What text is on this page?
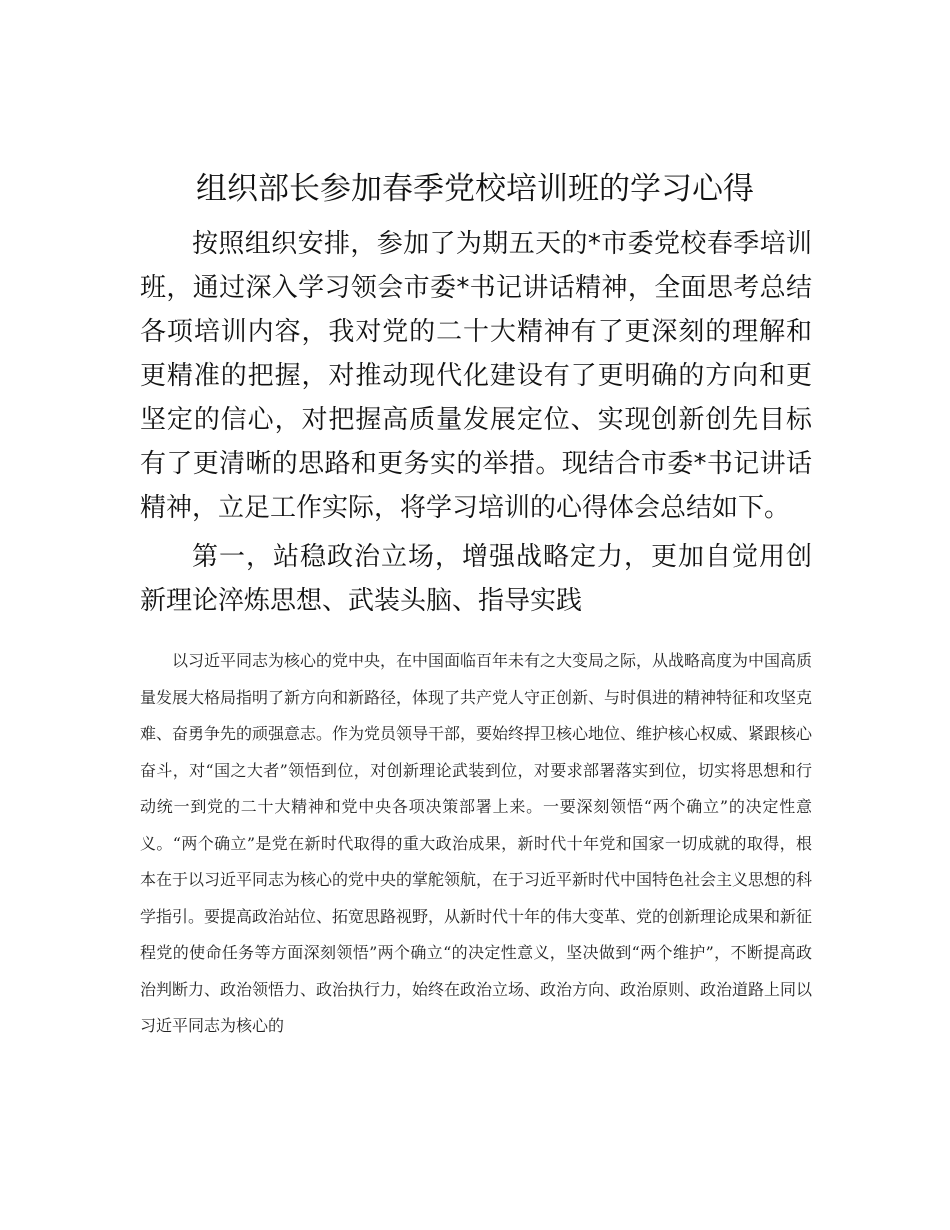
组织部长参加春季党校培训班的学习心得

按照组织安排，参加了为期五天的*市委党校春季培训班，通过深入学习领会市委*书记讲话精神，全面思考总结各项培训内容，我对党的二十大精神有了更深刻的理解和更精准的把握，对推动现代化建设有了更明确的方向和更坚定的信心，对把握高质量发展定位、实现创新创先目标有了更清晰的思路和更务实的举措。现结合市委*书记讲话精神，立足工作实际，将学习培训的心得体会总结如下。

第一，站稳政治立场，增强战略定力，更加自觉用创新理论淬炼思想、武装头脑、指导实践

以习近平同志为核心的党中央，在中国面临百年未有之大变局之际，从战略高度为中国高质量发展大格局指明了新方向和新路径，体现了共产党人守正创新、与时俱进的精神特征和攻坚克难、奋勇争先的顽强意志。作为党员领导干部，要始终捍卫核心地位、维护核心权威、紧跟核心奋斗，对“国之大者”领悟到位，对创新理论武装到位，对要求部署落实到位，切实将思想和行动统一到党的二十大精神和党中央各项决策部署上来。一要深刻领悟“两个确立”的决定性意义。“两个确立”是党在新时代取得的重大政治成果，新时代十年党和国家一切成就的取得，根本在于以习近平同志为核心的党中央的掌舵领航，在于习近平新时代中国特色社会主义思想的科学指引。要提高政治站位、拓宽思路视野，从新时代十年的伟大变革、党的创新理论成果和新征程党的使命任务等方面深刻领悟”两个确立“的决定性意义，坚决做到“两个维护”，不断提高政治判断力、政治领悟力、政治执行力，始终在政治立场、政治方向、政治原则、政治道路上同以习近平同志为核心的
